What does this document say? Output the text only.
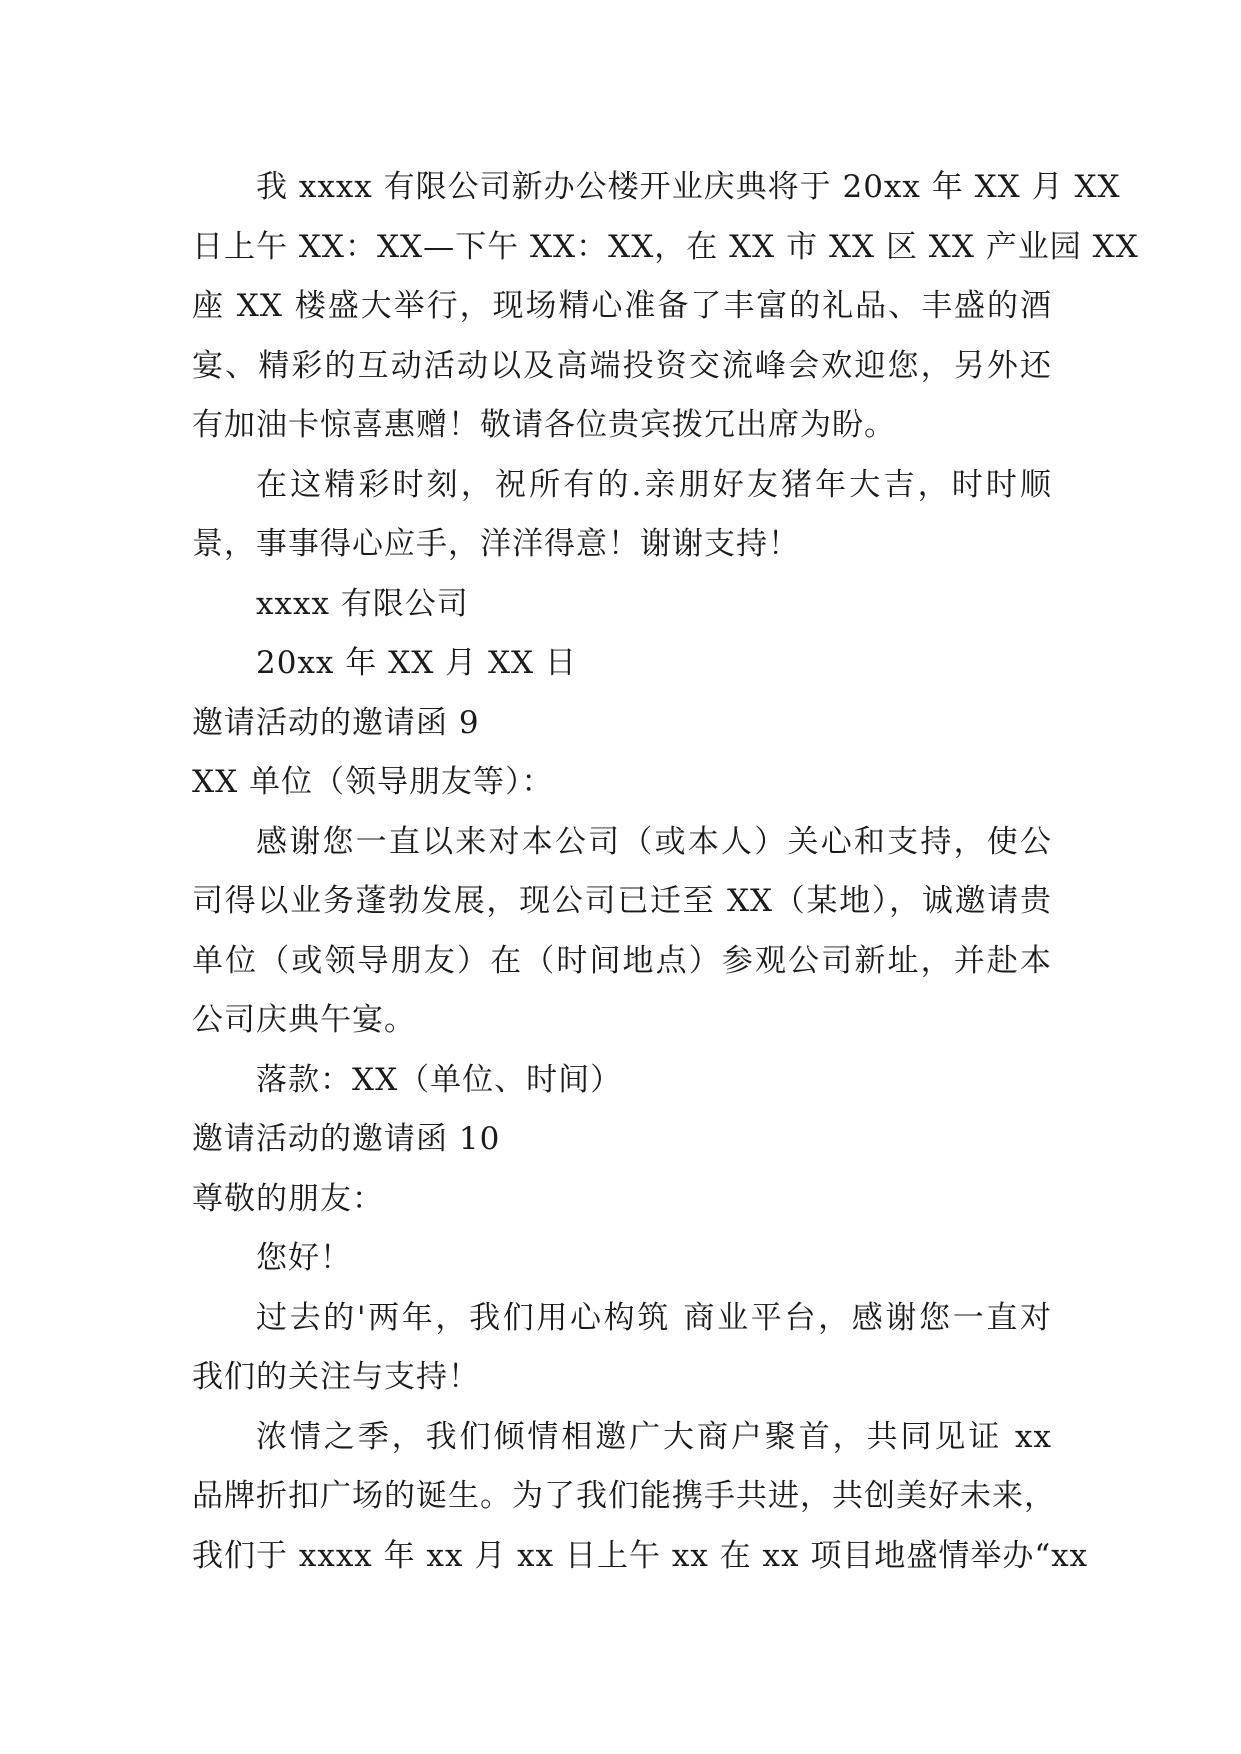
我 xxxx 有限公司新办公楼开业庆典将于 20xx 年 XX 月 XX
日上午 XX：XX—下午 XX：XX，在 XX 市 XX 区 XX 产业园 XX
座 XX 楼盛大举行，现场精心准备了丰富的礼品、丰盛的酒
宴、精彩的互动活动以及高端投资交流峰会欢迎您，另外还
有加油卡惊喜惠赠！敬请各位贵宾拨冗出席为盼。
在这精彩时刻，祝所有的.亲朋好友猪年大吉，时时顺
景，事事得心应手，洋洋得意！谢谢支持！
xxxx 有限公司
20xx 年 XX 月 XX 日
邀请活动的邀请函 9
XX 单位（领导朋友等）：
感谢您一直以来对本公司（或本人）关心和支持，使公
司得以业务蓬勃发展，现公司已迁至 XX（某地），诚邀请贵
单位（或领导朋友）在（时间地点）参观公司新址，并赴本
公司庆典午宴。
落款：XX（单位、时间）
邀请活动的邀请函 10
尊敬的朋友：
您好！
过去的'两年，我们用心构筑 商业平台，感谢您一直对
我们的关注与支持！
浓情之季，我们倾情相邀广大商户聚首，共同见证 xx
品牌折扣广场的诞生。为了我们能携手共进，共创美好未来，
我们于 xxxx 年 xx 月 xx 日上午 xx 在 xx 项目地盛情举办“xx
